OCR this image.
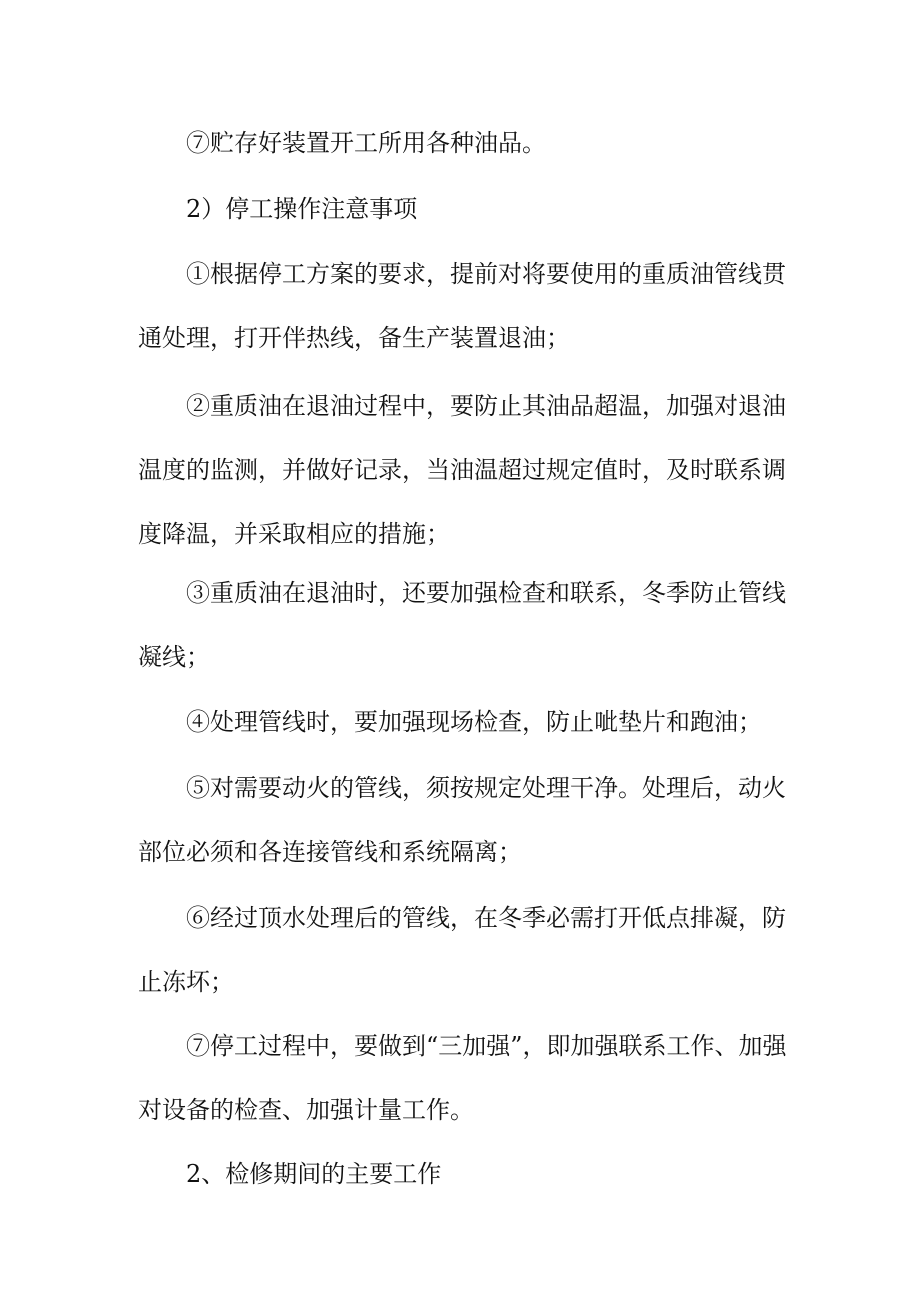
⑦贮存好装置开工所用各种油品。

2）停工操作注意事项

①根据停工方案的要求，提前对将要使用的重质油管线贯通处理，打开伴热线，备生产装置退油；

②重质油在退油过程中，要防止其油品超温，加强对退油温度的监测，并做好记录，当油温超过规定值时，及时联系调度降温，并采取相应的措施；

③重质油在退油时，还要加强检查和联系，冬季防止管线凝线；

④处理管线时，要加强现场检查，防止呲垫片和跑油；

⑤对需要动火的管线，须按规定处理干净。处理后，动火部位必须和各连接管线和系统隔离；

⑥经过顶水处理后的管线，在冬季必需打开低点排凝，防止冻坏；

⑦停工过程中，要做到“三加强”，即加强联系工作、加强对设备的检查、加强计量工作。

2、检修期间的主要工作
